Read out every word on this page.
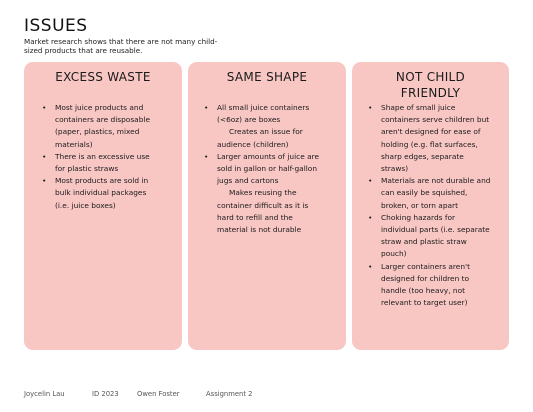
ISSUES
Market research shows that there are not many child-sized products that are reusable.
EXCESS WASTE
• Most juice products and containers are disposable (paper, plastics, mixed materials)
• There is an excessive use for plastic straws
• Most products are sold in bulk individual packages (i.e. juice boxes)
SAME SHAPE
• All small juice containers (<6oz) are boxes
Creates an issue for audience (children)
• Larger amounts of juice are sold in gallon or half-gallon jugs and cartons
Makes reusing the container difficult as it is hard to refill and the material is not durable
NOT CHILD
FRIENDLY
• Shape of small juice containers serve children but aren't designed for ease of holding (e.g. flat surfaces, sharp edges, separate straws)
• Materials are not durable and can easily be squished, broken, or torn apart
• Choking hazards for individual parts (i.e. separate straw and plastic straw pouch)
• Larger containers aren't designed for children to handle (too heavy, not relevant to target user)
Joycelin Lau	ID 2023	Owen Foster	Assignment 2
